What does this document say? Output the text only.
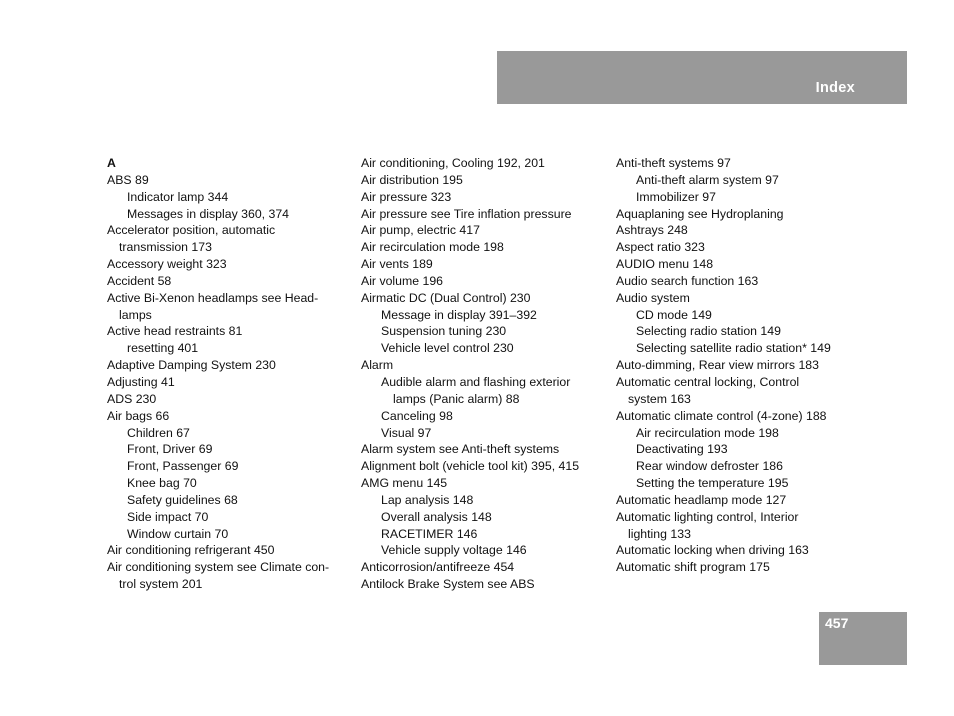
Index
A
ABS 89
Indicator lamp 344
Messages in display 360, 374
Accelerator position, automatic
transmission 173
Accessory weight 323
Accident 58
Active Bi-Xenon headlamps see Head-
lamps
Active head restraints 81
resetting 401
Adaptive Damping System 230
Adjusting 41
ADS 230
Air bags 66
Children 67
Front, Driver 69
Front, Passenger 69
Knee bag 70
Safety guidelines 68
Side impact 70
Window curtain 70
Air conditioning refrigerant 450
Air conditioning system see Climate con-
trol system 201
Air conditioning, Cooling 192, 201
Air distribution 195
Air pressure 323
Air pressure see Tire inflation pressure
Air pump, electric 417
Air recirculation mode 198
Air vents 189
Air volume 196
Airmatic DC (Dual Control) 230
Message in display 391–392
Suspension tuning 230
Vehicle level control 230
Alarm
Audible alarm and flashing exterior
lamps (Panic alarm) 88
Canceling 98
Visual 97
Alarm system see Anti-theft systems
Alignment bolt (vehicle tool kit) 395, 415
AMG menu 145
Lap analysis 148
Overall analysis 148
RACETIMER 146
Vehicle supply voltage 146
Anticorrosion/antifreeze 454
Antilock Brake System see ABS
Anti-theft systems 97
Anti-theft alarm system 97
Immobilizer 97
Aquaplaning see Hydroplaning
Ashtrays 248
Aspect ratio 323
AUDIO menu 148
Audio search function 163
Audio system
CD mode 149
Selecting radio station 149
Selecting satellite radio station* 149
Auto-dimming, Rear view mirrors 183
Automatic central locking, Control
system 163
Automatic climate control (4-zone) 188
Air recirculation mode 198
Deactivating 193
Rear window defroster 186
Setting the temperature 195
Automatic headlamp mode 127
Automatic lighting control, Interior
lighting 133
Automatic locking when driving 163
Automatic shift program 175
457
